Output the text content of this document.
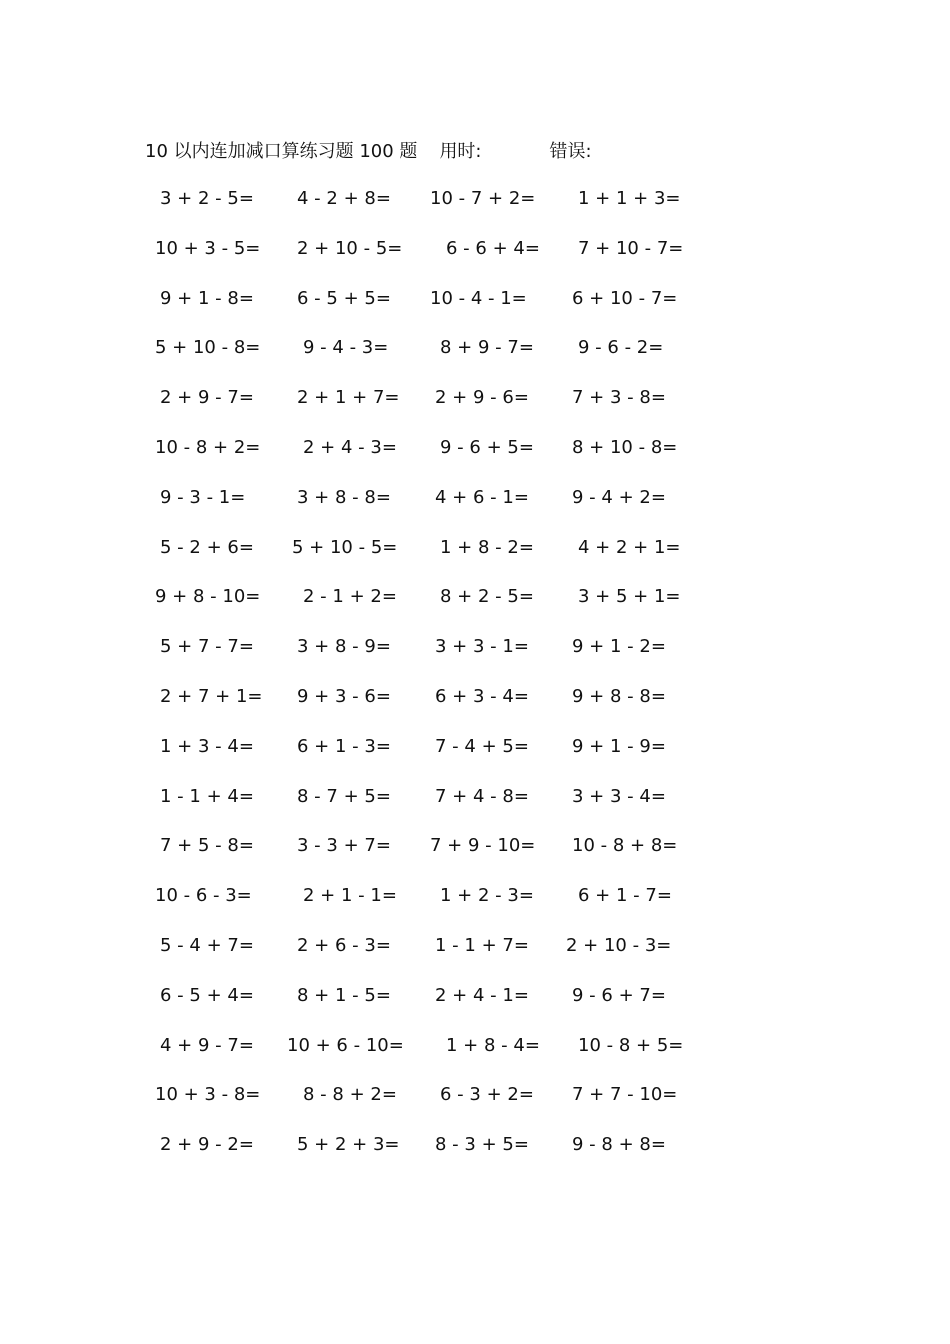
10 以内连加减口算练习题 100 题 用时:	错误:
3 + 2 - 5= 4 - 2 + 8= 10 - 7 + 2= 1 + 1 + 3=
10 + 3 - 5= 2 + 10 - 5= 6 - 6 + 4= 7 + 10 - 7=
9 + 1 - 8= 6 - 5 + 5= 10 - 4 - 1=	6 + 10 - 7=
5 + 10 - 8= 9 - 4 - 3=	8 + 9 - 7= 9 - 6 - 2=
2 + 9 - 7= 2 + 1 + 7= 2 + 9 - 6= 7 + 3 - 8=
10 - 8 + 2= 2 + 4 - 3= 9 - 6 + 5= 8 + 10 - 8=
9 - 3 - 1=	3 + 8 - 8= 4 + 6 - 1= 9 - 4 + 2=
5 - 2 + 6= 5 + 10 - 5= 1 + 8 - 2= 4 + 2 + 1=
9 + 8 - 10= 2 - 1 + 2= 8 + 2 - 5= 3 + 5 + 1=
5 + 7 - 7= 3 + 8 - 9= 3 + 3 - 1= 9 + 1 - 2=
2 + 7 + 1= 9 + 3 - 6= 6 + 3 - 4= 9 + 8 - 8=
1 + 3 - 4= 6 + 1 - 3= 7 - 4 + 5= 9 + 1 - 9=
1 - 1 + 4= 8 - 7 + 5= 7 + 4 - 8= 3 + 3 - 4=
7 + 5 - 8= 3 - 3 + 7= 7 + 9 - 10= 10 - 8 + 8=
10 - 6 - 3=	2 + 1 - 1= 1 + 2 - 3= 6 + 1 - 7=
5 - 4 + 7= 2 + 6 - 3= 1 - 1 + 7= 2 + 10 - 3=
6 - 5 + 4= 8 + 1 - 5= 2 + 4 - 1= 9 - 6 + 7=
4 + 9 - 7= 10 + 6 - 10= 1 + 8 - 4= 10 - 8 + 5=
10 + 3 - 8= 8 - 8 + 2= 6 - 3 + 2= 7 + 7 - 10=
2 + 9 - 2= 5 + 2 + 3= 8 - 3 + 5= 9 - 8 + 8=
